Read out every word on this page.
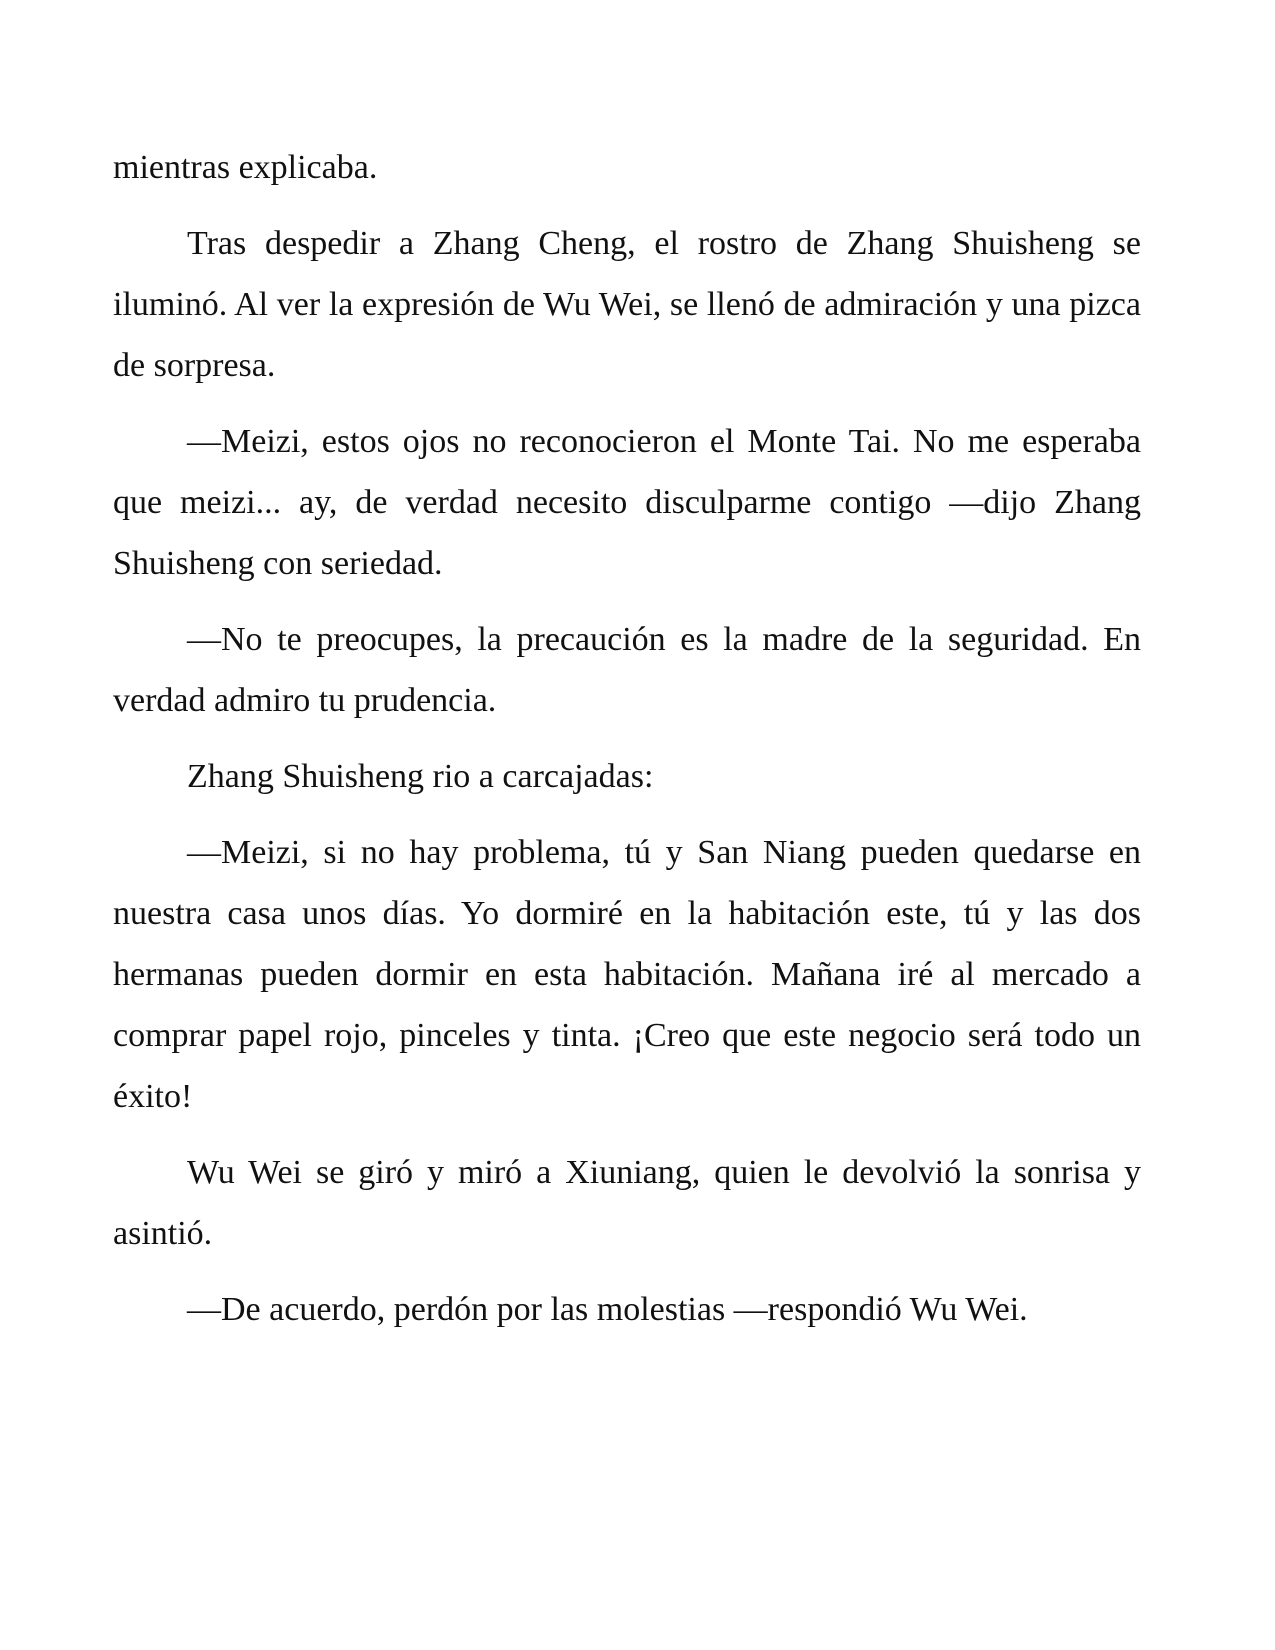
mientras explicaba.

Tras despedir a Zhang Cheng, el rostro de Zhang Shuisheng se iluminó. Al ver la expresión de Wu Wei, se llenó de admiración y una pizca de sorpresa.

—Meizi, estos ojos no reconocieron el Monte Tai. No me esperaba que meizi... ay, de verdad necesito disculparme contigo —dijo Zhang Shuisheng con seriedad.

—No te preocupes, la precaución es la madre de la seguridad. En verdad admiro tu prudencia.

Zhang Shuisheng rio a carcajadas:

—Meizi, si no hay problema, tú y San Niang pueden quedarse en nuestra casa unos días. Yo dormiré en la habitación este, tú y las dos hermanas pueden dormir en esta habitación. Mañana iré al mercado a comprar papel rojo, pinceles y tinta. ¡Creo que este negocio será todo un éxito!

Wu Wei se giró y miró a Xiuniang, quien le devolvió la sonrisa y asintió.

—De acuerdo, perdón por las molestias —respondió Wu Wei.
